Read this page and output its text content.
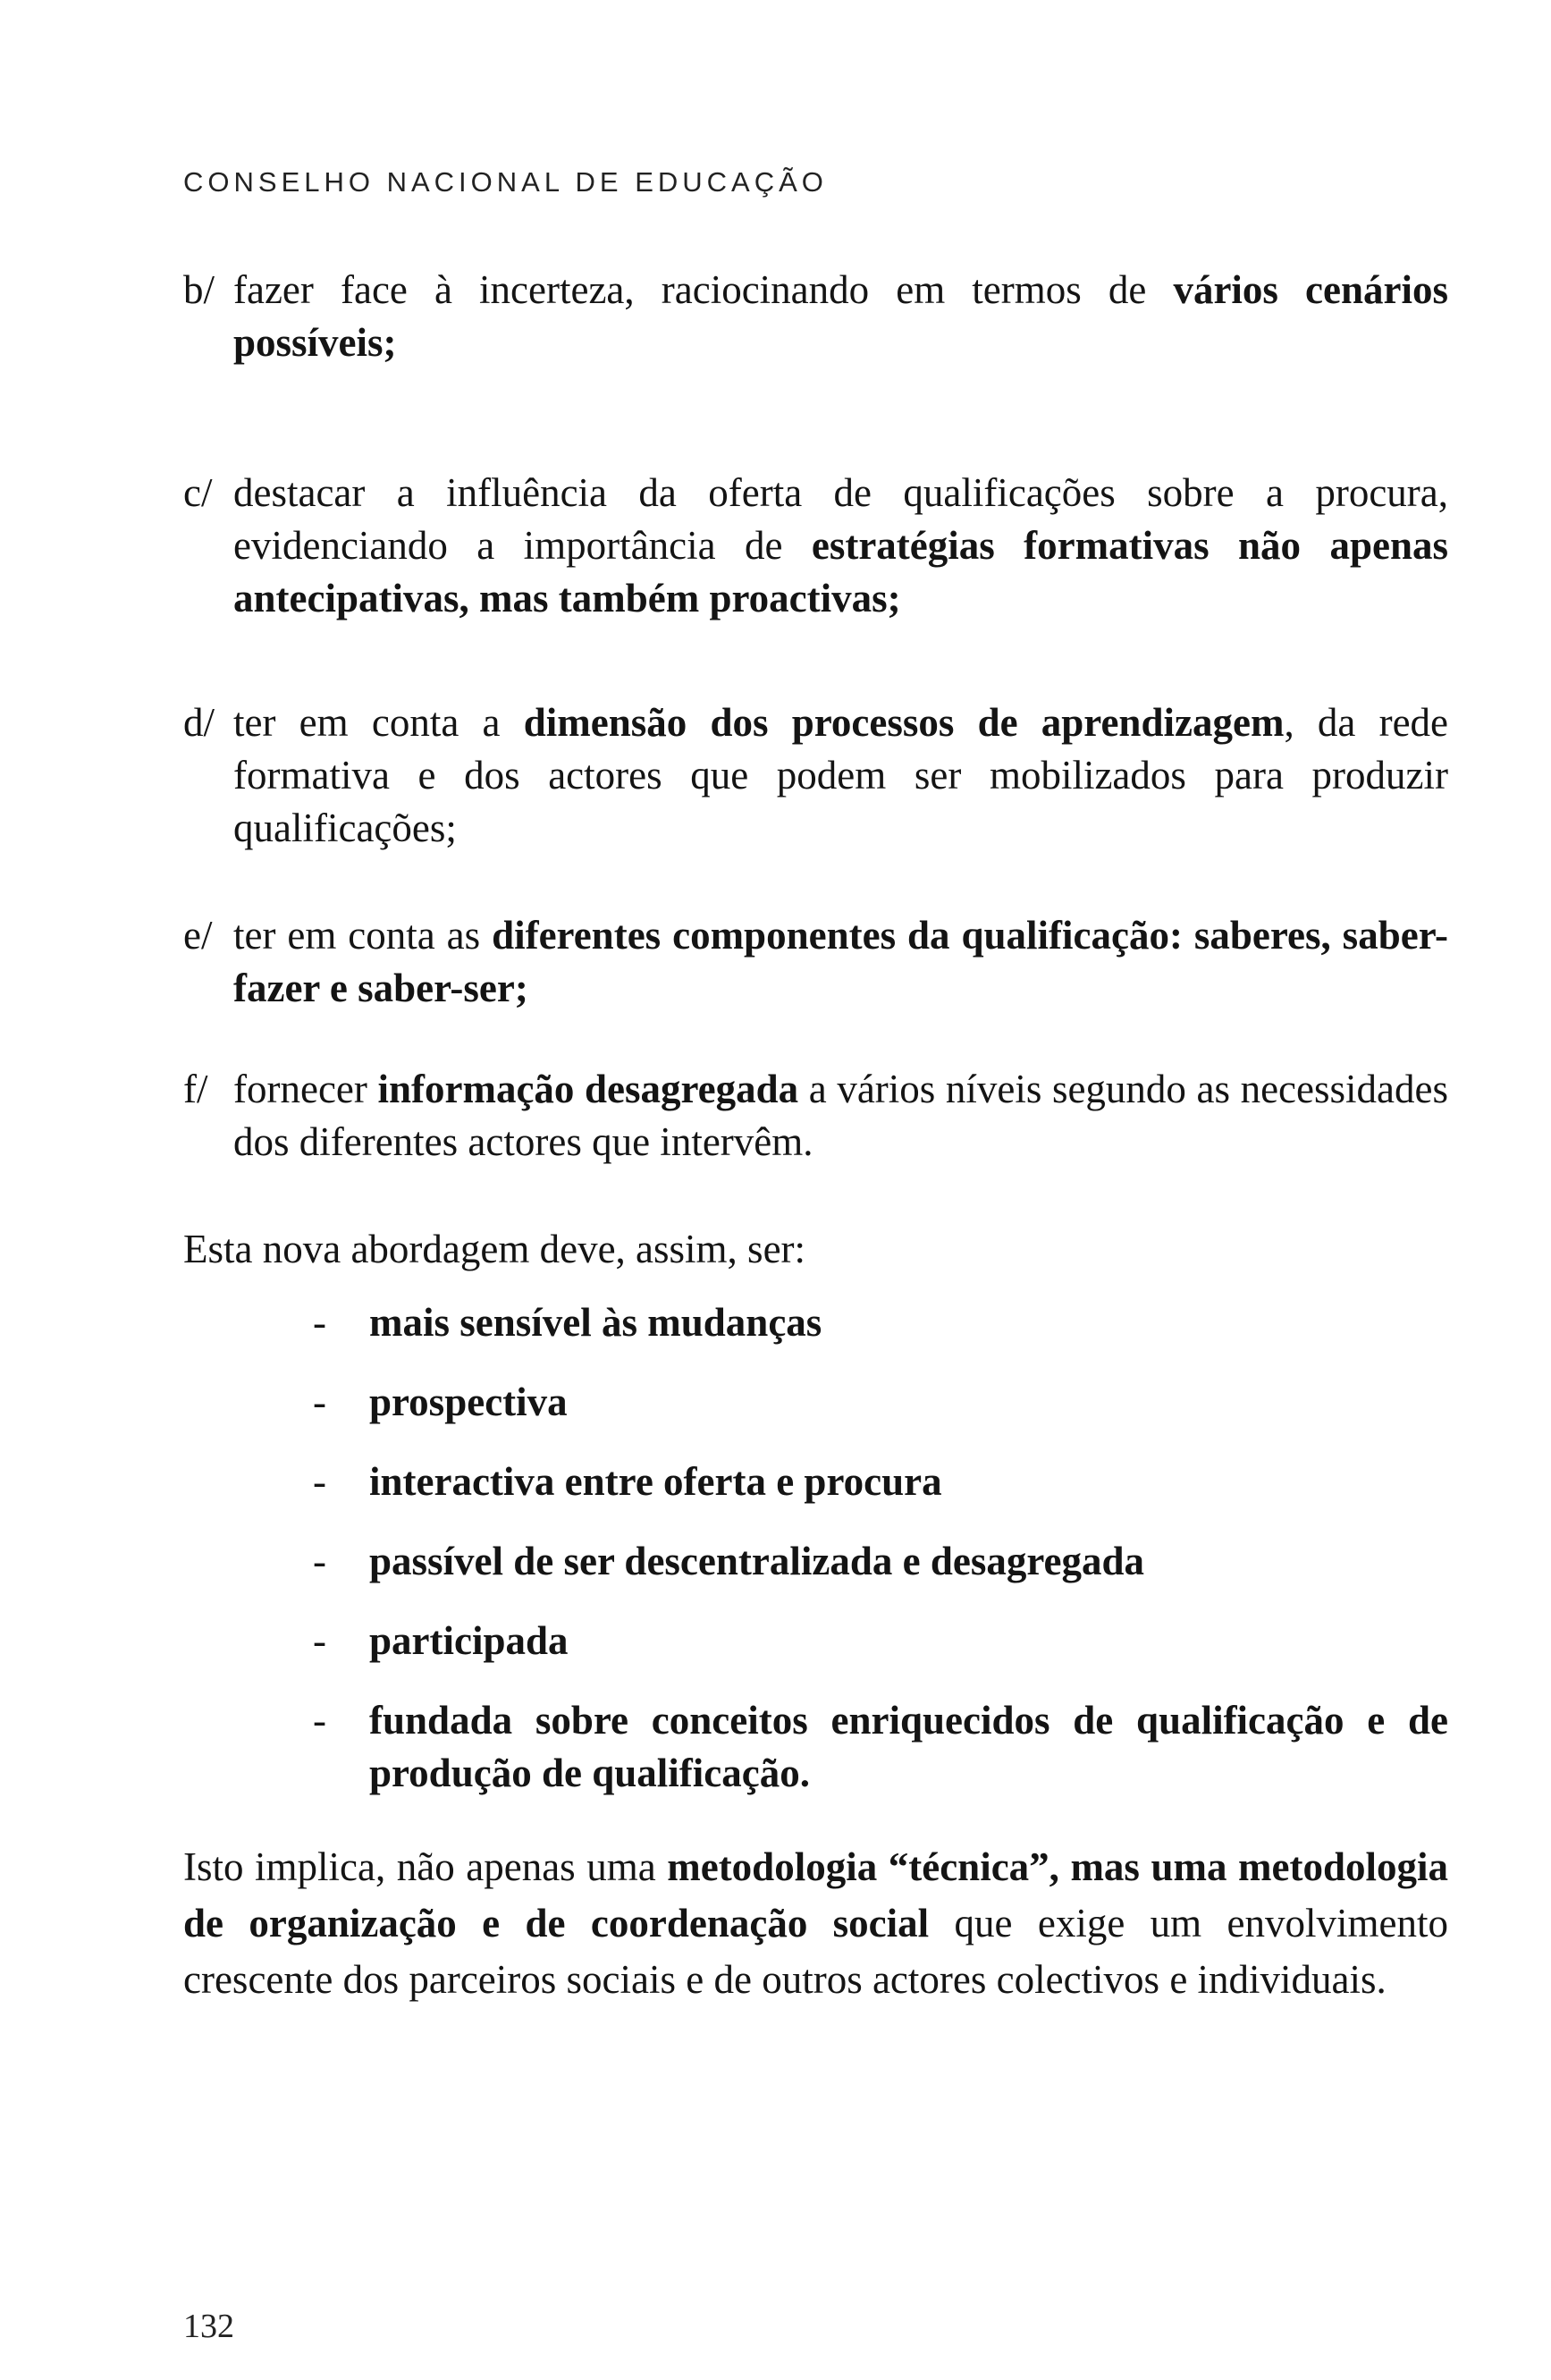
CONSELHO NACIONAL DE EDUCAÇÃO
b/ fazer face à incerteza, raciocinando em termos de vários cenários possíveis;
c/ destacar a influência da oferta de qualificações sobre a procura, evidenciando a importância de estratégias formativas não apenas antecipativas, mas também proactivas;
d/ ter em conta a dimensão dos processos de aprendizagem, da rede formativa e dos actores que podem ser mobilizados para produzir qualificações;
e/ ter em conta as diferentes componentes da qualificação: saberes, saber-fazer e saber-ser;
f/ fornecer informação desagregada a vários níveis segundo as necessidades dos diferentes actores que intervêm.
Esta nova abordagem deve, assim, ser:
- mais sensível às mudanças
- prospectiva
- interactiva entre oferta e procura
- passível de ser descentralizada e desagregada
- participada
- fundada sobre conceitos enriquecidos de qualificação e de produção de qualificação.
Isto implica, não apenas uma metodologia “técnica”, mas uma metodologia de organização e de coordenação social que exige um envolvimento crescente dos parceiros sociais e de outros actores colectivos e individuais.
132
